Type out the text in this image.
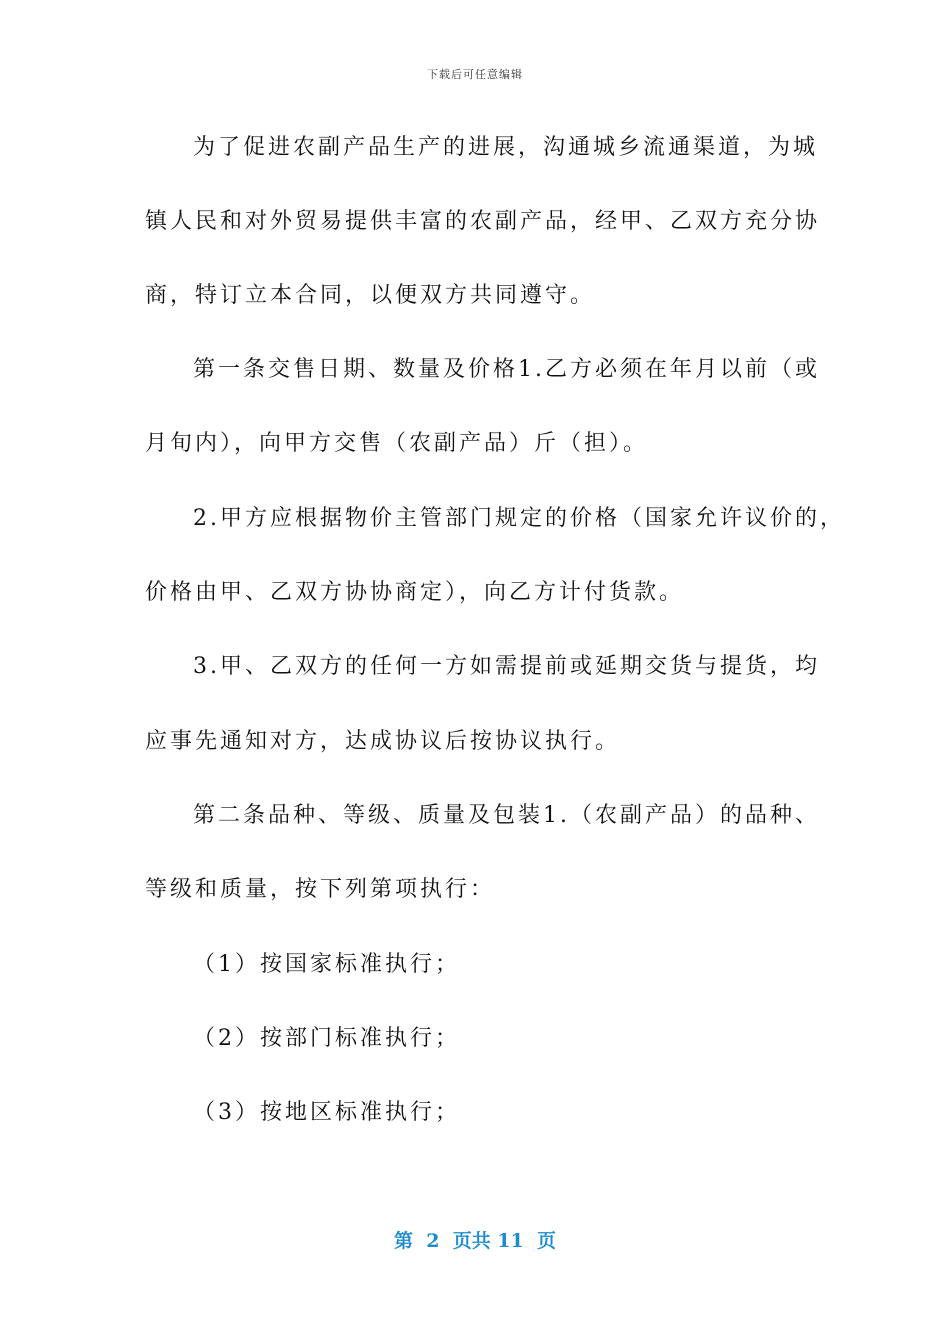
下载后可任意编辑
为了促进农副产品生产的进展，沟通城乡流通渠道，为城
镇人民和对外贸易提供丰富的农副产品，经甲、乙双方充分协
商，特订立本合同，以便双方共同遵守。
第一条交售日期、数量及价格1.乙方必须在年月以前（或
月旬内），向甲方交售（农副产品）斤（担）。
2.甲方应根据物价主管部门规定的价格（国家允许议价的，
价格由甲、乙双方协协商定），向乙方计付货款。
3.甲、乙双方的任何一方如需提前或延期交货与提货，均
应事先通知对方，达成协议后按协议执行。
第二条品种、等级、质量及包装1.（农副产品）的品种、
等级和质量，按下列第项执行：
（1）按国家标准执行；
（2）按部门标准执行；
（3）按地区标准执行；
第  2  页共 11  页
